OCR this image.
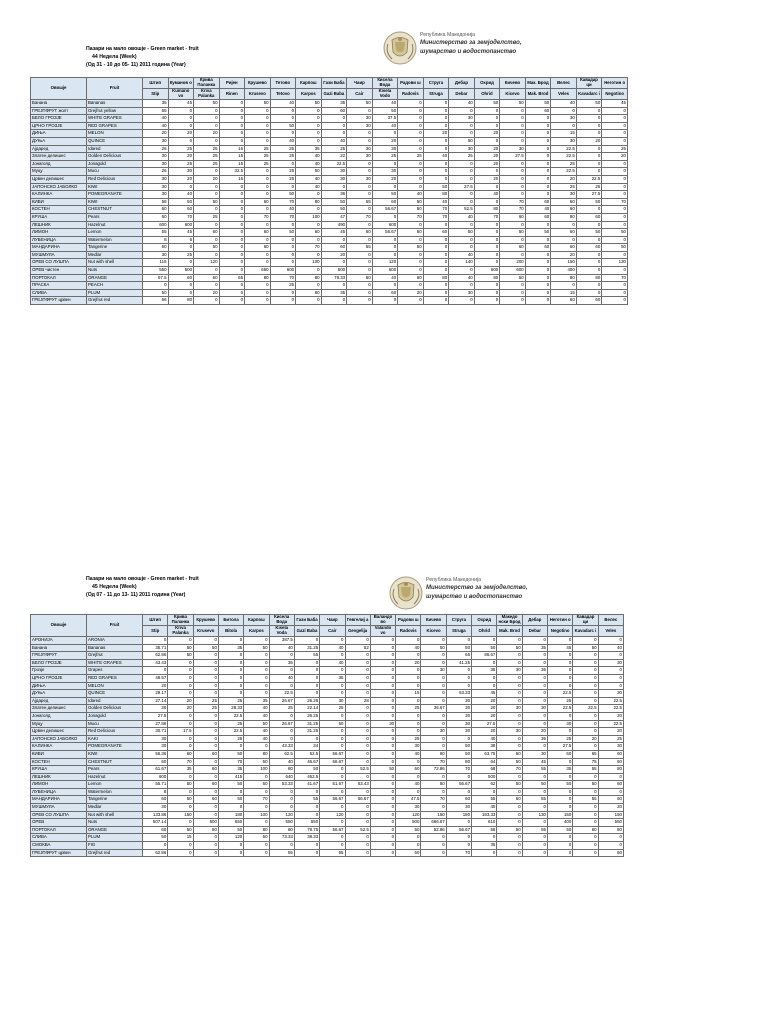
Пазари на мало овошје - Green market - fruit
44 Недела (Week)
(Од 31 - 10 до 05- 11) 2011 година (Year)
Република Македонија
Министерство за земјоделство,
шумарство и водостопанство
Овошје	Fruit	Штип	Куманов о	Крива Паланка	Ријен	Крушево	Тетово	Карпош	Гази Баба	Чаир	Кисела Вода	Радови ш	Струга	Дебар	Охрид	Кичево	Мак. Брод	Велес	Кавадар ци	Неготин о
		Stip	Kumano vo	Kriva Palanka	Rinen	Krusevo	Tetovo	Karpos	Gazi Baba	Cair	Kisela Vodo	Radovis	Struga	Debar	Ohrid	Kicevo	Mak. Brod	Veles	Kavadarc i	Negotino
Банана	Bananas	35	45	50	0	50	40	50	35	50	40	0	0	40	50	50	50	40	50	45
ГРЕЈПФРУТ жолт	Grejfrut yellow	65	0	0	0	0	0	0	60	0	50	0	0	0	0	0	60	0	0	0
БЕЛО ГРОЗЈЕ	WHITE GRAPES	40	0	0	0	0	0	0	0	30	37.5	0	0	30	0	0	0	30	0	0
ЦРНО ГРОЗЈЕ	RED GRAPES	40	0	0	0	0	50	0	0	30	40	0	0	0	0	0	0	0	0	0
ДИЊА	MELON	20	20	20	0	0	0	0	0	0	0	0	20	0	20	0	0	15	0	0
ДУЊА	QUINCE	30	0	0	0	0	40	0	40	0	20	0	0	50	0	0	0	30	20	0
Ајдаред	Idared	26	25	25	16	25	25	35	25	30	30	0	0	30	20	30	0	22.5	0	25
Златен делишес	Golden Delicious	30	20	25	15	25	25	40	22	30	25	25	40	25	20	27.5	0	22.5	0	20
Јонаголд	Jonagold	30	25	25	15	25	0	40	22.5	0	0	0	0	0	20	0	0	25	0	0
Муцу	Mucu	26	30	0	32.5	0	25	50	30	0	30	0	0	0	0	0	0	22.5	0	0
Црвен делишес	Red Delicious	30	20	20	16	0	25	40	30	30	20	0	0	0	20	0	0	20	22.5	0
ЈАПОНСКО ЈАБОЛКО	KIWI	30	0	0	0	0	0	40	0	0	0	0	50	27.5	0	0	0	25	25	0
КАЛИНКА	POMEGRANATE	30	40	0	0	0	50	0	36	0	50	40	80	0	40	0	0	30	27.5	0
КИВИ	KIWI	58	50	50	0	60	70	80	50	65	60	50	40	0	0	70	60	60	50	70
КОСТЕН	CHESTNUT	60	60	0	0	0	40	0	50	0	56.67	60	70	52.5	80	70	40	60	0	0
КРУША	Pears	60	70	25	0	70	70	100	47	70	0	70	70	40	70	60	60	80	60	0
ЛЕШНИК	Hazelnut	600	600	0	0	0	0	0	490	0	600	0	0	0	0	0	0	0	0	0
ЛИМОН	Lemon	55	45	60	0	60	50	60	45	60	56.67	60	60	50	0	50	50	60	50	50
ЛУБЕНИЦА	Watermelon	8	6	0	0	0	0	0	0	0	0	0	0	0	0	0	0	0	0	0
МАНДАРИНА	Tangerine	60	0	50	0	60	0	70	60	55	0	50	0	0	0	60	60	60	60	50
МУШМУЛА	Medlar	30	25	0	0	0	0	0	20	0	0	0	0	40	0	0	0	20	0	0
ОРЕВ СО ЛУШПА	Nut with shell	115	0	120	0	0	0	100	0	0	120	0	0	140	0	200	0	150	0	130
ОРЕВ чистен	Nuts	550	500	0	0	650	600	0	500	0	600	0	0	0	600	600	0	400	0	0
ПОРТОКАЛ	ORANGE	67.5	60	60	65	80	70	80	78.33	60	40	60	80	40	80	50	0	80	80	70
ПРАСКА	PEACH	0	0	0	0	0	25	0	0	0	0	0	0	0	0	0	0	0	0	0
СЛИВА	PLUM	50	0	20	0	0	0	60	35	0	60	20	0	30	0	0	0	15	0	0
ГРЕЈПФРУТ црвен	Grejfrut red	66	80	0	0	0	0	0	0	0	0	0	0	0	0	0	0	60	60	0
Пазари на мало овошје - Green market - fruit
45 Недела (Week)
(Од 07 - 11 до 13- 11) 2011 година (Year)
Република Македонија
Министерство за земјоделство,
шумарство и водостопанство
Овошје	Fruit	Штип	Крива Паланка	Крушево	Битола	Карпош	Кисела Вода	Гази Баба	Чаир	Гевгелиј а	Валандо во	Радови ш	Кичево	Струга	Охрид	Македо нски Брод	Дебар	Неготин о	Кавадар ци	Велес
		Stip	Kriva Palanka	Krusevo	Bitola	Karpos	Kisela Voda	Gazi Baba	Cair	Gevgelija	Valando vo	Radovis	Kicevo	Struga	Ohrid	Mak. Brod	Debar	Negotino	Kavadarc i	Veles
АРОНИЈА	ARONIA	0	0	0	0	0	387.5	0	0	0	0	0	0	0	0	0	0	0	0	0
Банана	Bananas	35.71	50	50	35	50	40	31.25	40	52	0	40	50	50	50	50	35	45	50	40
ГРЕЈПФРУТ	Grejfrut	62.86	50	0	0	0	0	55	0	0	0	0	0	65	86.67	0	0	0	0	0
БЕЛО ГРОЗЈЕ	WHITE GRAPES	43.43	0	0	0	0	35	0	40	0	0	20	0	41.25	0	0	0	0	0	30
Грозје	Grapes	0	0	0	0	0	0	0	0	0	0	0	30	0	35	30	35	0	0	0
ЦРНО ГРОЗЈЕ	RED GRAPES	48.57	0	0	0	0	40	0	35	0	0	0	0	0	0	0	0	0	0	0
ДИЊА	MELON	20	0	0	0	0	0	0	0	0	0	0	0	0	0	0	0	0	0	0
ДУЊА	QUINCE	29.17	0	0	0	0	22.5	0	0	0	0	15	0	53.33	45	0	0	22.5	0	30
Ајдаред	Idared	27.14	20	25	25	35	26.67	26.25	30	28	0	0	0	30	20	0	0	25	0	22.5
Златен делишес	Golden Delicious	30	20	25	28.33	40	25	22.14	25	0	0	25	36.67	30	20	30	30	22.5	22.5	22.5
Јонаголд	Jonagold	27.5	0	0	22.5	40	0	26.25	0	0	0	0	0	30	20	0	0	0	0	20
Муцу	Mucu	27.86	0	0	25	50	26.67	31.25	50	0	30	0	0	30	27.5	0	0	30	0	22.5
Црвен делишес	Red Delicious	30.71	17.5	0	22.5	40	0	31.25	0	0	0	0	30	30	20	30	20	0	0	20
ЈАПОНСКО ЈАБОЛКО	KAKI	30	0	0	25	40	0	0	0	0	0	25	0	0	40	0	35	25	20	25
КАЛИНКА	POMEGRANATE	30	0	0	0	0	43.33	34	0	0	0	30	0	50	38	0	0	27.5	0	30
КИВИ	KIWI	56.36	60	60	50	80	62.5	52.5	56.67	0	0	40	60	50	63.75	60	30	60	65	60
КОСТЕН	CHESTNUT	60	70	0	70	50	40	46.67	66.67	0	0	0	70	80	64	50	45	0	75	60
КРУША	Pears	61.67	35	60	35	100	80	50	0	52.5	50	60	72.86	70	68	70	55	35	55	80
ЛЕШНИК	Hazelnut	600	0	0	415	0	640	462.5	0	0	0	0	0	0	500	0	0	0	0	0
ЛИМОН	Lemon	55.71	50	60	50	60	53.33	41.67	51.67	53.43	0	40	50	56.67	62	50	50	50	50	60
ЛУБЕНИЦА	Watermelon	8	0	0	0	0	0	0	0	0	0	0	0	0	0	0	0	0	0	0
МАНДАРИНА	Tangerine	60	50	60	50	70	0	55	56.67	56.67	0	47.5	70	60	55	60	55	0	55	60
МУШМУЛА	Medlar	30	0	0	0	0	0	0	0	0	0	30	0	30	40	0	0	0	0	20
ОРЕВ СО ЛУШПА	Nut with shell	133.86	150	0	180	100	120	0	120	0	0	120	150	180	193.33	0	130	150	0	150
ОРЕВ	Nuts	507.14	0	600	650	0	550	550	0	0	0	500	666.67	0	610	0	0	400	0	550
ПОРТОКАЛ	ORANGE	60	50	80	50	80	60	78.75	56.67	52.5	0	50	52.86	56.67	58	50	55	50	60	80
СЛИВА	PLUM	50	15	0	120	60	73.33	38.33	0	0	0	0	0	0	0	0	0	0	0	0
СМОКВА	FIG	0	0	0	0	0	0	0	0	0	0	0	0	0	35	0	0	0	0	0
ГРЕЈПФРУТ црвен	Grejfrut red	62.86	0	0	0	0	55	0	65	0	0	60	0	70	0	0	0	0	0	60
